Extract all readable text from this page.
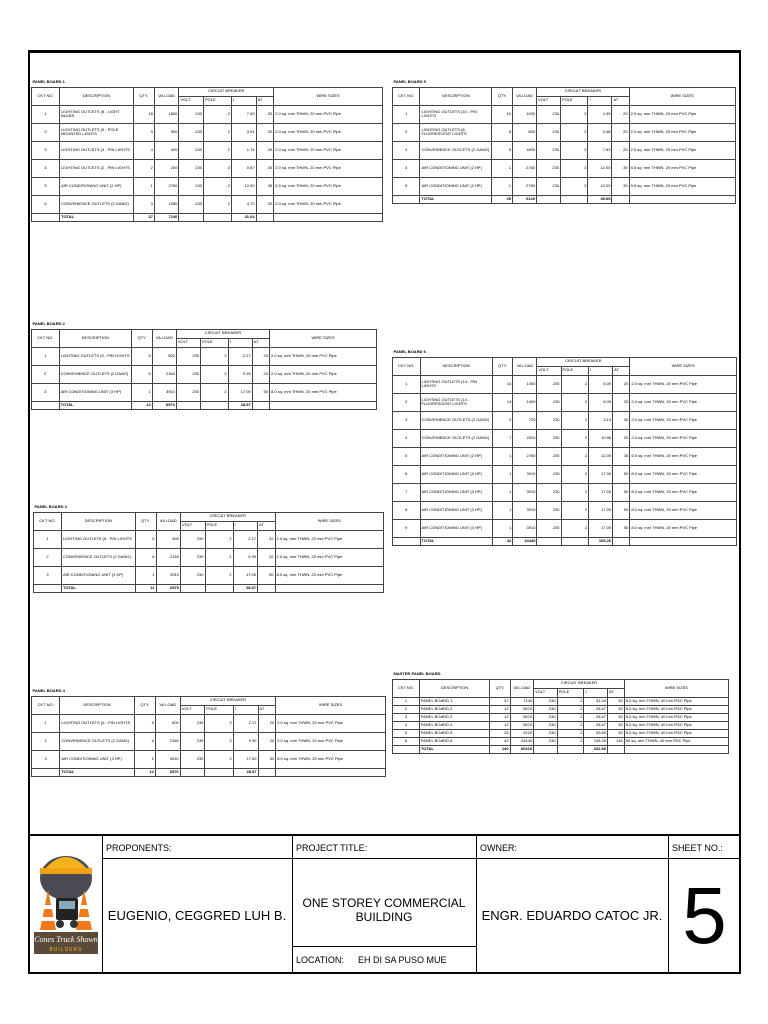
PANEL BOARD 1								
CKT NO.	DESCRIPTION	QTY.	VA LOAD	CIRCUIT BREAKER				WIRE SIZES
				VOLT	POLE	I	AT	
1	LIGHTING OUTLETS (8 - LIGHT BULBS	18	1800	230	2	7.83	20	2.0 sq. mm THWN, 20 mm PVC Pipe
2	LIGHTING OUTLETS (9 - POLE MOUNTED LIGHTS	9	900	230	2	3.91	20	2.0 sq. mm THWN, 20 mm PVC Pipe
3	LIGHTING OUTLETS (4 - PIN LIGHTS	4	400	230	2	1.74	20	2.0 sq. mm THWN, 20 mm PVC Pipe
4	LIGHTING OUTLETS (2 - PIN LIGHTS	2	200	230	2	0.87	20	2.0 sq. mm THWN, 20 mm PVC Pipe
5	AIR CONDITIONING UNIT (2 HP)	1	2760	230	2	12.00	35	5.5 sq. mm THWN, 20 mm PVC Pipe
6	CONVENIENCE OUTLETS (3 GANG)	3	1080	230	2	4.70	20	2.0 sq. mm THWN, 20 mm PVC Pipe
	TOTAL	37	7140			31.04		
PANEL BOARD 2								
CKT NO.	DESCRIPTION	QTY.	VA LOAD	CIRCUIT BREAKER				WIRE SIZES
				VOLT	POLE	I	AT	
1	LIGHTING OUTLETS (5 - PIN LIGHTS	5	500	230	2	2.17	20	2.0 sq. mm THWN, 20 mm PVC Pipe
2	CONVENIENCE OUTLETS (2 GANG)	6	2160	230	2	9.39	20	2.0 sq. mm THWN, 20 mm PVC Pipe
3	AIR CONDITIONING UNIT (3 HP)	1	3910	230	2	17.00	50	8.0 sq. mm THWN, 20 mm PVC Pipe
	TOTAL	12	6570			28.57		
PANEL BOARD 3								
CKT NO.	DESCRIPTION	QTY.	VA LOAD	CIRCUIT BREAKER				WIRE SIZES
				VOLT	POLE	I	AT	
1	LIGHTING OUTLETS (5 - PIN LIGHTS	5	500	230	2	2.17	20	2.0 sq. mm THWN, 20 mm PVC Pipe
2	CONVENIENCE OUTLETS (2 GANG)	6	2160	230	2	9.39	20	2.0 sq. mm THWN, 20 mm PVC Pipe
3	AIR CONDITIONING UNIT (3 HP)	1	3910	230	2	17.00	50	8.0 sq. mm THWN, 20 mm PVC Pipe
	TOTAL	12	6570			28.57		
PANEL BOARD 4								
CKT NO.	DESCRIPTION	QTY.	VA LOAD	CIRCUIT BREAKER				WIRE SIZES
				VOLT	POLE	I	AT	
1	LIGHTING OUTLETS (5 - PIN LIGHTS	5	500	230	2	2.17	20	2.0 sq. mm THWN, 20 mm PVC Pipe
2	CONVENIENCE OUTLETS (2 GANG)	6	2160	230	2	9.39	20	2.0 sq. mm THWN, 20 mm PVC Pipe
3	AIR CONDITIONING UNIT (3 HP)	1	3910	230	2	17.00	50	8.0 sq. mm THWN, 20 mm PVC Pipe
	TOTAL	12	6570			28.57		
PANEL BOARD 5								
CKT NO.	DESCRIPTION	QTY.	VA LOAD	CIRCUIT BREAKER				WIRE SIZES
				VOLT	POLE	I	AT	
1	LIGHTING OUTLETS (10 - PIN LIGHTS	10	1000	230	2	4.35	20	2.0 sq. mm THWN, 20 mm PVC Pipe
2	LIGHTING OUTLETS (8 - FLUORESCENT LIGHTS	8	800	230	2	3.48	20	2.0 sq. mm THWN, 20 mm PVC Pipe
3	CONVENIENCE OUTLETS (2 GANG)	5	1800	230	2	7.83	20	2.0 sq. mm THWN, 20 mm PVC Pipe
4	AIR CONDITIONING UNIT (2 HP)	1	2760	230	2	12.00	35	5.5 sq. mm THWN, 20 mm PVC Pipe
5	AIR CONDITIONING UNIT (2 HP)	1	2760	230	2	12.00	35	5.5 sq. mm THWN, 20 mm PVC Pipe
	TOTAL	25	9120			39.65		
PANEL BOARD 6								
CKT NO.	DESCRIPTION	QTY.	VA LOAD	CIRCUIT BREAKER				WIRE SIZES
				VOLT	POLE	I	AT	
1	LIGHTING OUTLETS (14 - PIN LIGHTS	14	1400	230	2	6.09	20	2.0 sq. mm THWN, 20 mm PVC Pipe
2	LIGHTING OUTLETS (14 - FLUORESCENT LIGHTS	14	1400	230	2	6.09	20	2.0 sq. mm THWN, 20 mm PVC Pipe
3	CONVENIENCE OUTLETS (2 GANG)	2	720	230	2	3.13	20	2.0 sq. mm THWN, 20 mm PVC Pipe
4	CONVENIENCE OUTLETS (2 GANG)	7	2520	230	2	10.96	20	2.0 sq. mm THWN, 20 mm PVC Pipe
5	AIR CONDITIONING UNIT (2 HP)	1	2760	230	2	12.00	35	5.5 sq. mm THWN, 20 mm PVC Pipe
6	AIR CONDITIONING UNIT (3 HP)	1	3910	230	2	17.00	50	8.0 sq. mm THWN, 20 mm PVC Pipe
7	AIR CONDITIONING UNIT (3 HP)	1	3910	230	2	17.00	50	8.0 sq. mm THWN, 20 mm PVC Pipe
8	AIR CONDITIONING UNIT (3 HP)	1	3910	230	2	17.00	50	8.0 sq. mm THWN, 20 mm PVC Pipe
9	AIR CONDITIONING UNIT (3 HP)	1	3910	230	2	17.00	50	8.0 sq. mm THWN, 20 mm PVC Pipe
	TOTAL	42	24440			106.26		
MASTER PANEL BOARD								
CKT NO.	DESCRIPTION	QTY.	VA LOAD	CIRCUIT BREAKER				WIRE SIZES
				VOLT	POLE	I	AT	
1	PANEL BOARD 1	37	7140	230	2	31.04	50	8.0 sq. mm THWN, 40 mm RSC Pipe
2	PANEL BOARD 2	12	6570	230	2	28.57	50	8.0 sq. mm THWN, 40 mm RSC Pipe
3	PANEL BOARD 3	12	6570	230	2	28.57	50	8.0 sq. mm THWN, 40 mm RSC Pipe
4	PANEL BOARD 4	12	6570	230	2	28.57	50	8.0 sq. mm THWN, 40 mm RSC Pipe
5	PANEL BOARD 5	25	9120	230	2	39.65	50	8.0 sq. mm THWN, 40 mm RSC Pipe
6	PANEL BOARD 6	42	24440	230	2	106.26	145	50 sq. mm THWN, 40 mm RSC Pipe
	TOTAL	140	60410			262.66		
Cones Truck Shown
BUILDERS
PROPONENTS:
EUGENIO, CEGGRED LUH B.
PROJECT TITLE:
ONE STOREY COMMERCIAL BUILDING
LOCATION: EH DI SA PUSO MUE
OWNER:
ENGR. EDUARDO CATOC JR.
SHEET NO.:
5
